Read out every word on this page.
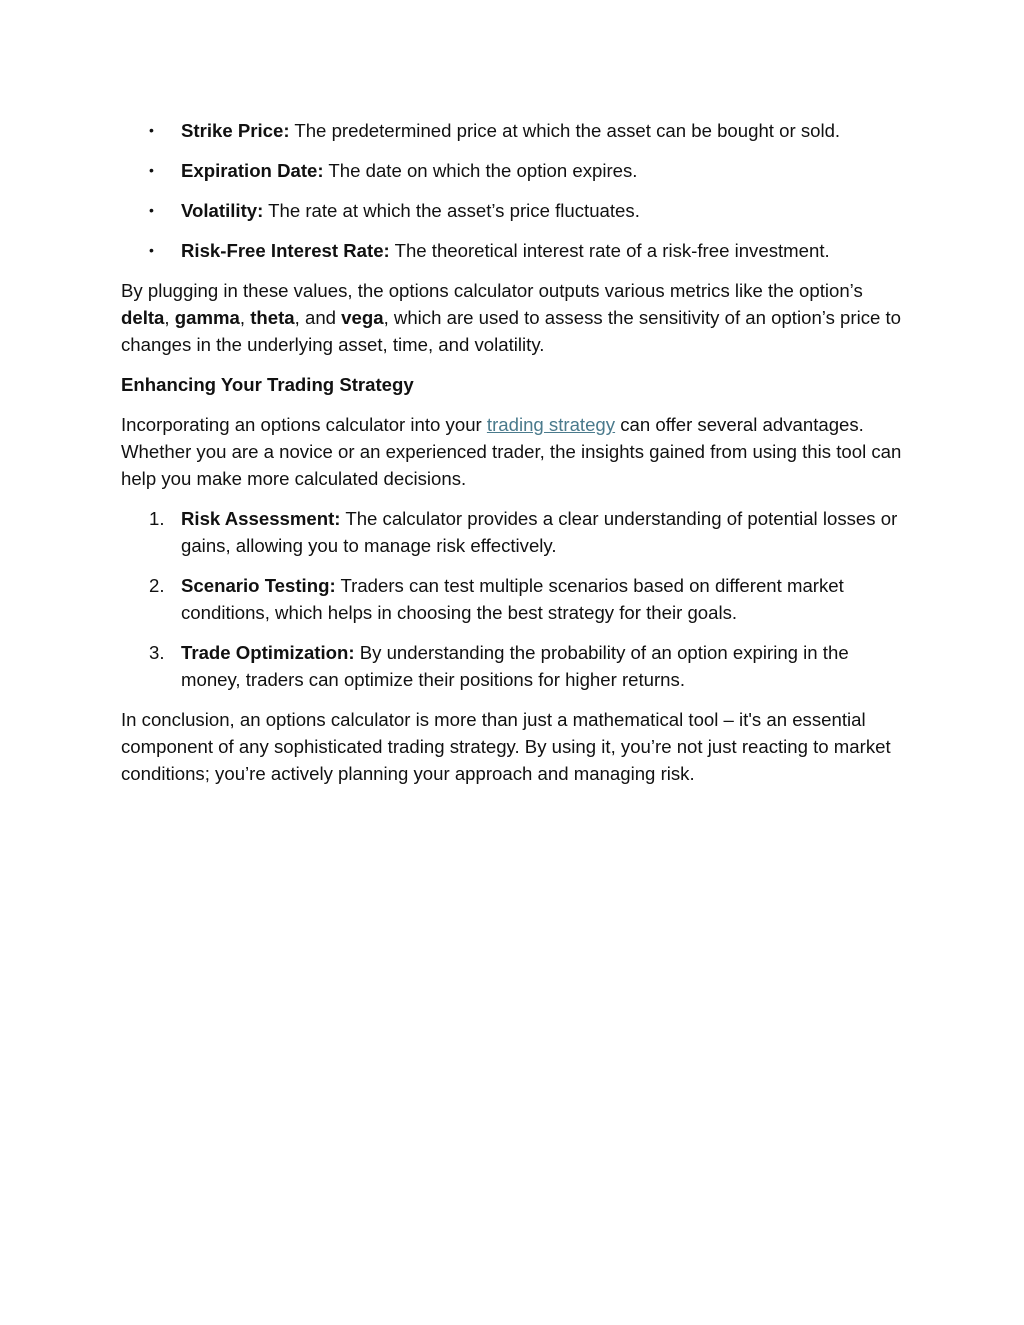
• Strike Price: The predetermined price at which the asset can be bought or sold.
• Expiration Date: The date on which the option expires.
• Volatility: The rate at which the asset’s price fluctuates.
• Risk-Free Interest Rate: The theoretical interest rate of a risk-free investment.

By plugging in these values, the options calculator outputs various metrics like the option’s delta, gamma, theta, and vega, which are used to assess the sensitivity of an option’s price to changes in the underlying asset, time, and volatility.

Enhancing Your Trading Strategy

Incorporating an options calculator into your trading strategy can offer several advantages. Whether you are a novice or an experienced trader, the insights gained from using this tool can help you make more calculated decisions.

1. Risk Assessment: The calculator provides a clear understanding of potential losses or gains, allowing you to manage risk effectively.
2. Scenario Testing: Traders can test multiple scenarios based on different market conditions, which helps in choosing the best strategy for their goals.
3. Trade Optimization: By understanding the probability of an option expiring in the money, traders can optimize their positions for higher returns.

In conclusion, an options calculator is more than just a mathematical tool – it's an essential component of any sophisticated trading strategy. By using it, you’re not just reacting to market conditions; you’re actively planning your approach and managing risk.
